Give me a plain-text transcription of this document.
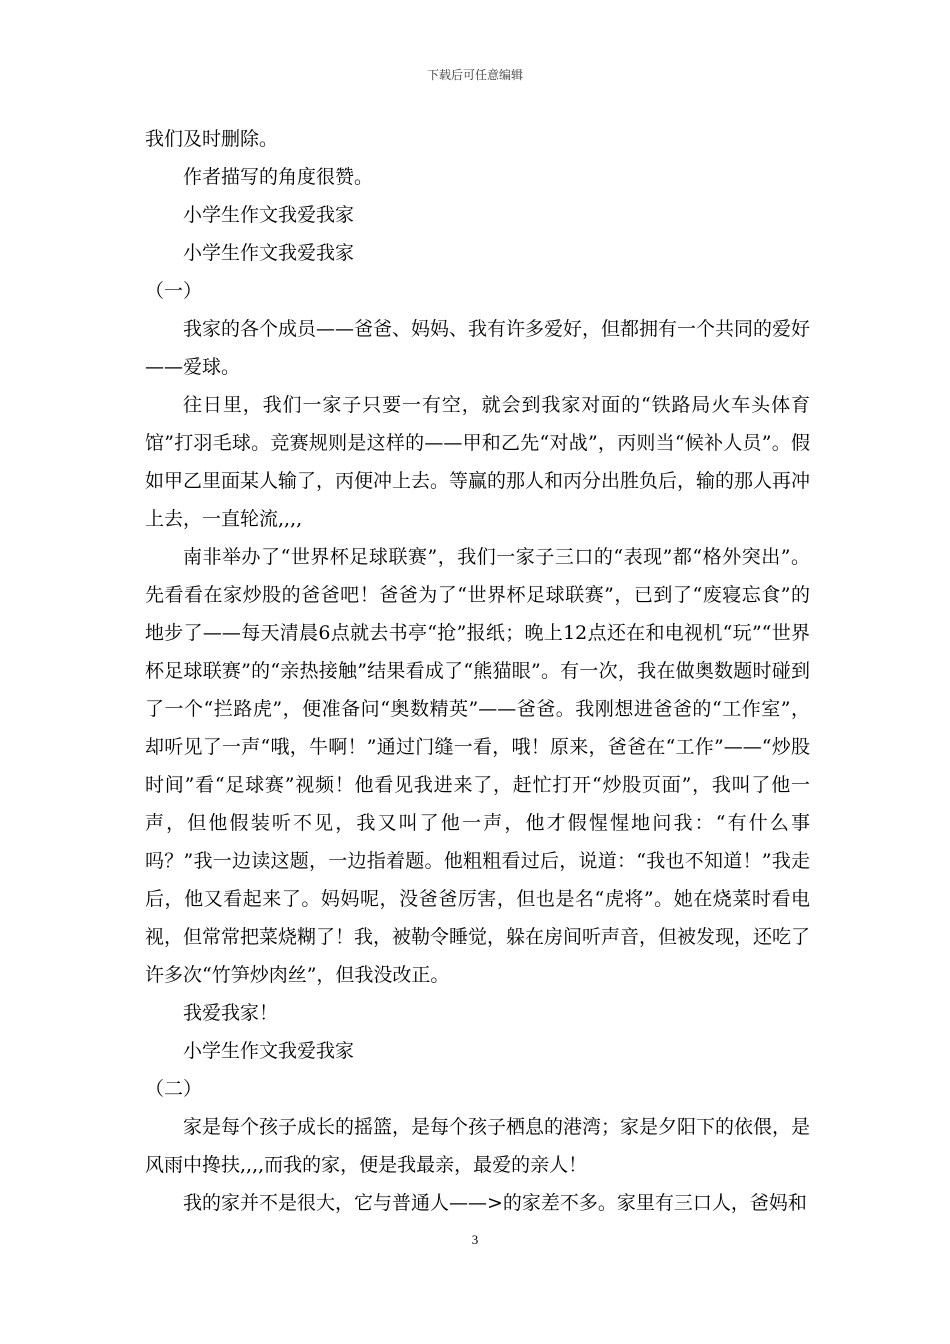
下载后可任意编辑

我们及时删除。

作者描写的角度很赞。

小学生作文我爱我家

小学生作文我爱我家

（一）

我家的各个成员——爸爸、妈妈、我有许多爱好，但都拥有一个共同的爱好——爱球。

往日里，我们一家子只要一有空，就会到我家对面的“铁路局火车头体育馆”打羽毛球。竞赛规则是这样的——甲和乙先“对战”，丙则当“候补人员”。假如甲乙里面某人输了，丙便冲上去。等赢的那人和丙分出胜负后，输的那人再冲上去，一直轮流,,,,

南非举办了“世界杯足球联赛”，我们一家子三口的“表现”都“格外突出”。先看看在家炒股的爸爸吧！爸爸为了“世界杯足球联赛”，已到了“废寝忘食”的地步了——每天清晨6点就去书亭“抢”报纸；晚上12点还在和电视机“玩”“世界杯足球联赛”的“亲热接触”结果看成了“熊猫眼”。有一次，我在做奥数题时碰到了一个“拦路虎”，便准备问“奥数精英”——爸爸。我刚想进爸爸的“工作室”，却听见了一声“哦，牛啊！”通过门缝一看，哦！原来，爸爸在“工作”——“炒股时间”看“足球赛”视频！他看见我进来了，赶忙打开“炒股页面”，我叫了他一声，但他假装听不见，我又叫了他一声，他才假惺惺地问我：“有什么事吗？”我一边读这题，一边指着题。他粗粗看过后，说道：“我也不知道！”我走后，他又看起来了。妈妈呢，没爸爸厉害，但也是名“虎将”。她在烧菜时看电视，但常常把菜烧糊了！我，被勒令睡觉，躲在房间听声音，但被发现，还吃了许多次“竹笋炒肉丝”，但我没改正。

我爱我家！

小学生作文我爱我家

（二）

家是每个孩子成长的摇篮，是每个孩子栖息的港湾；家是夕阳下的依偎，是风雨中搀扶,,,,而我的家，便是我最亲，最爱的亲人！

我的家并不是很大，它与普通人——>的家差不多。家里有三口人，爸妈和

3
